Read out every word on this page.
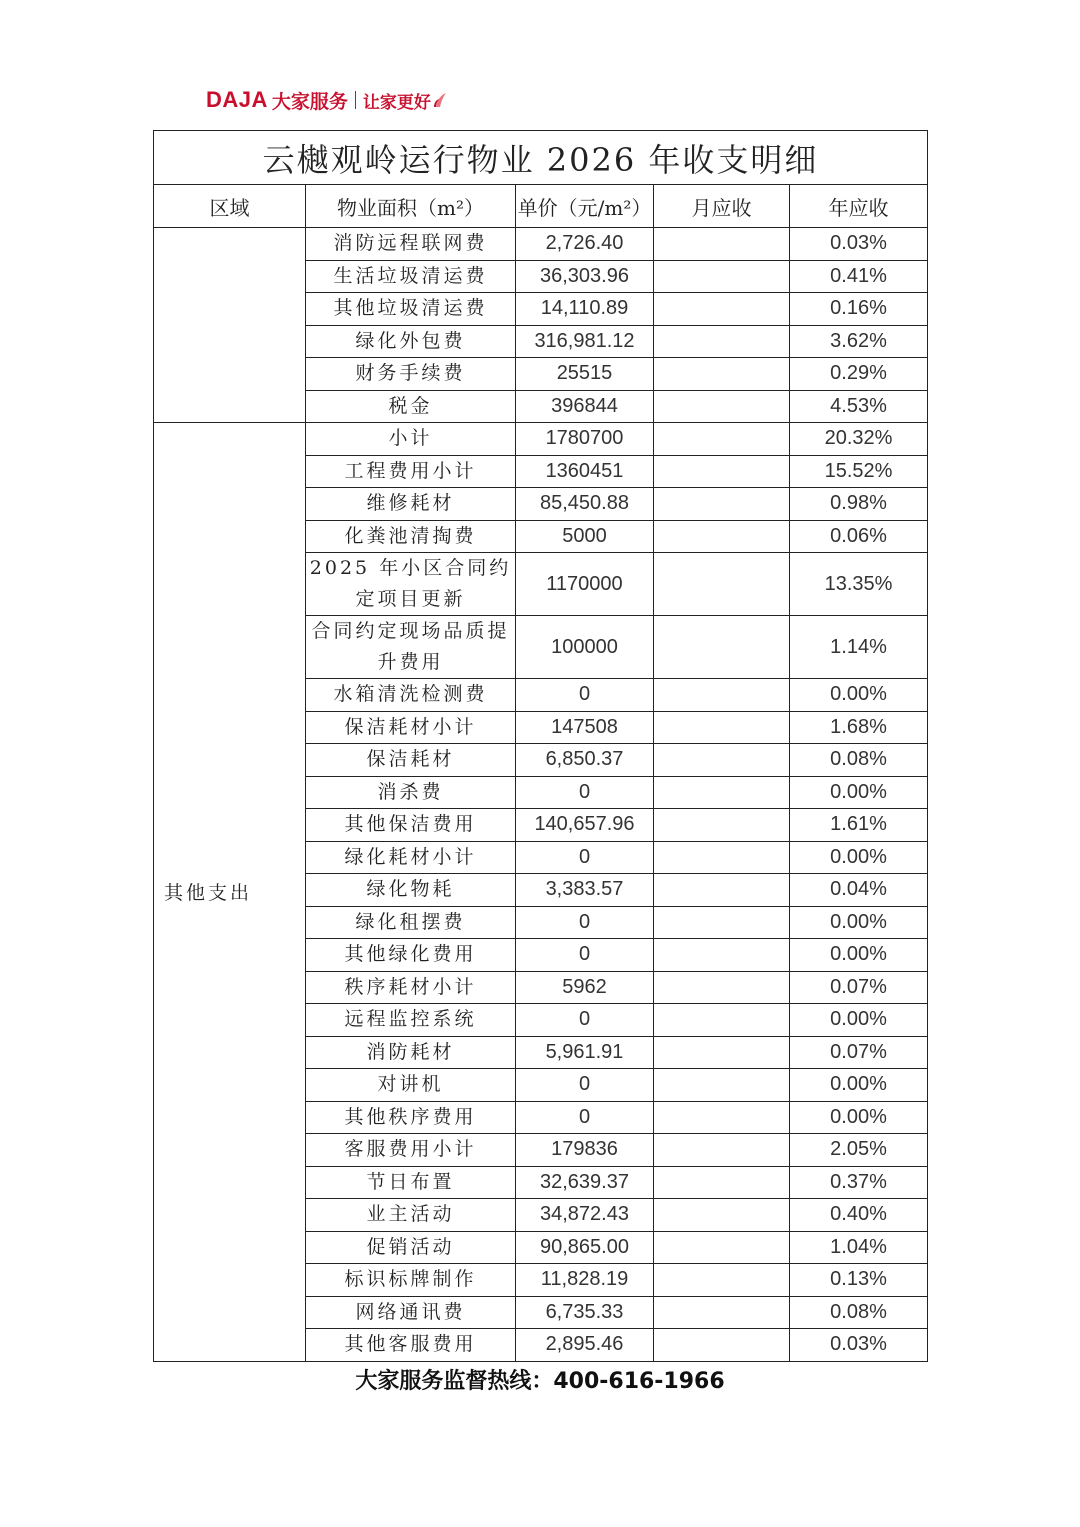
DAJA 大家服务 让家更好
云樾观岭运行物业 2026 年收支明细				
区域	物业面积（m²）	单价（元/m²）	月应收	年应收
	消防远程联网费	2,726.40		0.03%
	生活垃圾清运费	36,303.96		0.41%
	其他垃圾清运费	14,110.89		0.16%
	绿化外包费	316,981.12		3.62%
	财务手续费	25515		0.29%
	税金	396844		4.53%
其他支出	小计	1780700		20.32%
	工程费用小计	1360451		15.52%
	维修耗材	85,450.88		0.98%
	化粪池清掏费	5000		0.06%
	2025 年小区合同约定项目更新	1170000		13.35%
	合同约定现场品质提升费用	100000		1.14%
	水箱清洗检测费	0		0.00%
	保洁耗材小计	147508		1.68%
	保洁耗材	6,850.37		0.08%
	消杀费	0		0.00%
	其他保洁费用	140,657.96		1.61%
	绿化耗材小计	0		0.00%
	绿化物耗	3,383.57		0.04%
	绿化租摆费	0		0.00%
	其他绿化费用	0		0.00%
	秩序耗材小计	5962		0.07%
	远程监控系统	0		0.00%
	消防耗材	5,961.91		0.07%
	对讲机	0		0.00%
	其他秩序费用	0		0.00%
	客服费用小计	179836		2.05%
	节日布置	32,639.37		0.37%
	业主活动	34,872.43		0.40%
	促销活动	90,865.00		1.04%
	标识标牌制作	11,828.19		0.13%
	网络通讯费	6,735.33		0.08%
	其他客服费用	2,895.46		0.03%
大家服务监督热线：400-616-1966
